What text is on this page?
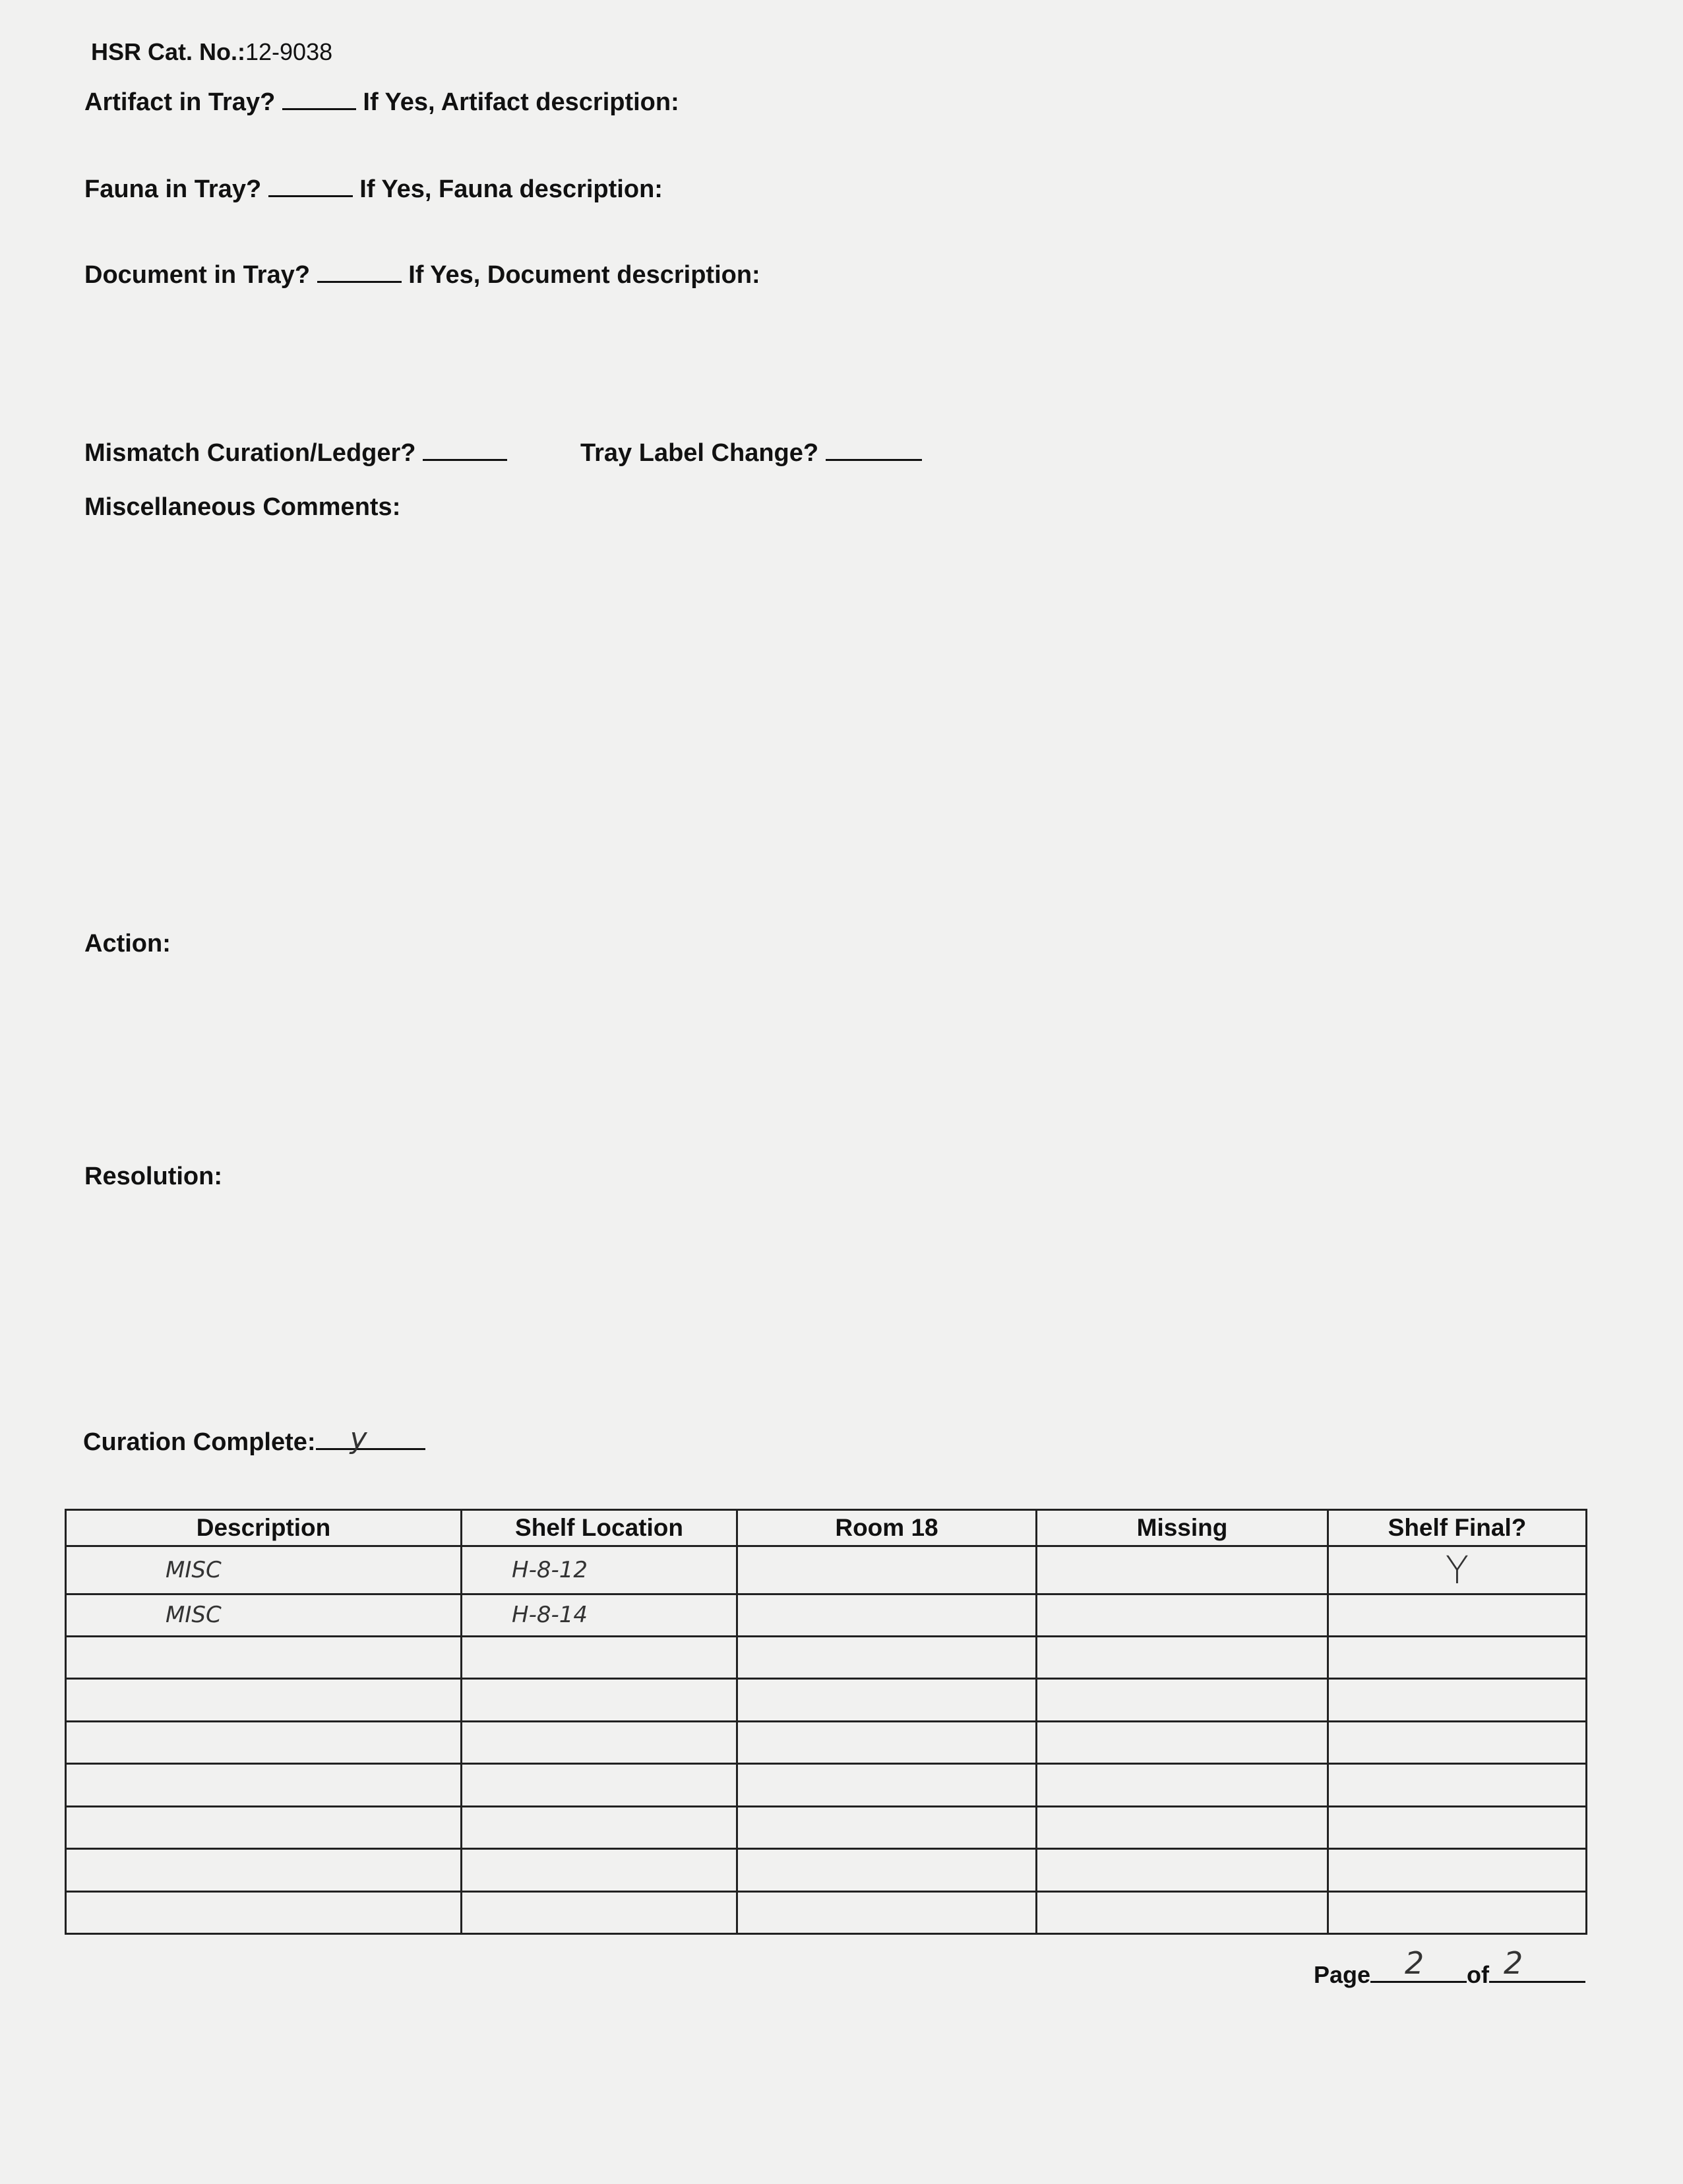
HSR Cat. No.:12-9038
Artifact in Tray?	If Yes, Artifact description:
Fauna in Tray?	If Yes, Fauna description:
Document in Tray?	If Yes, Document description:
Mismatch Curation/Ledger?	Tray Label Change?
Miscellaneous Comments:
Action:
Resolution:
Curation Complete: y
Description	Shelf Location	Room 18	Missing	Shelf Final?
MISC	H-8-12			Y
MISC	H-8-14			

Page 2 of 2
